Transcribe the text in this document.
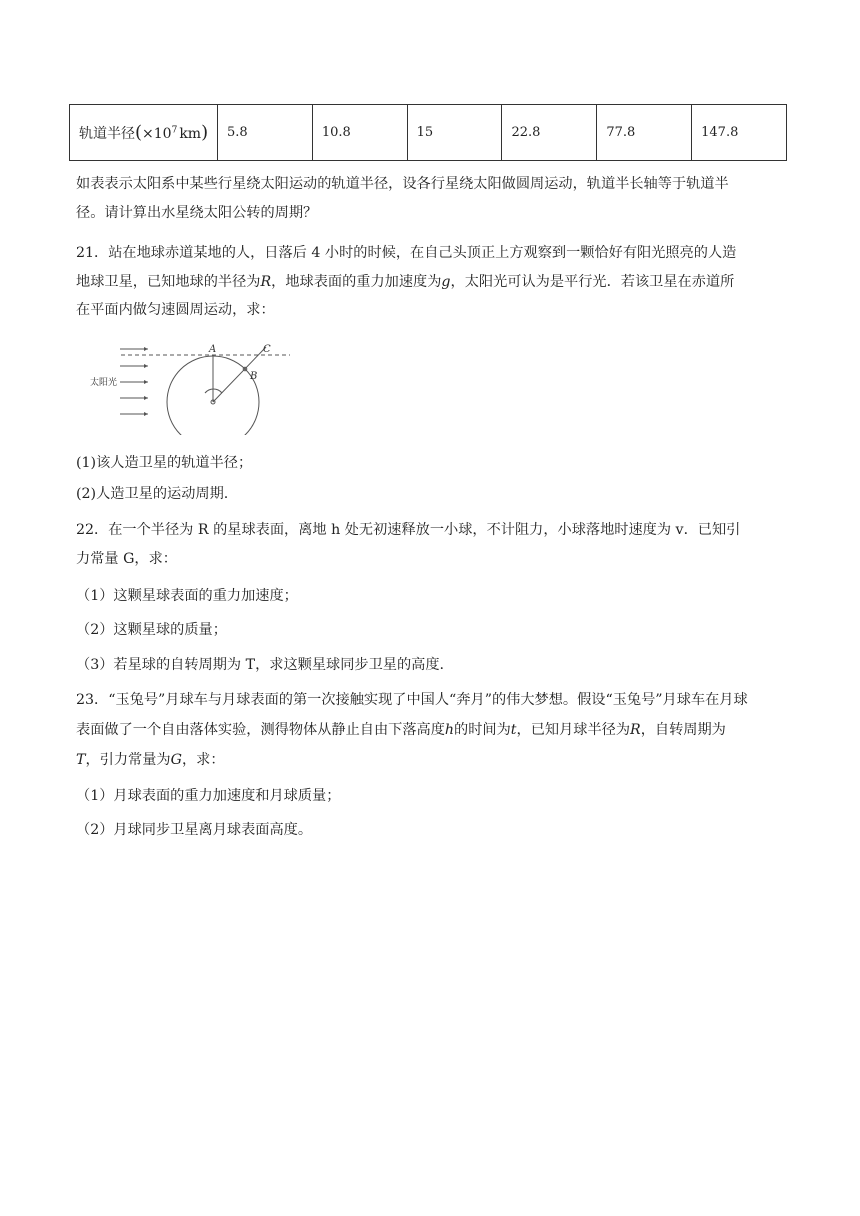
轨道半径($\times 10^7$ km)	5.8	10.8	15	22.8	77.8	147.8
如表表示太阳系中某些行星绕太阳运动的轨道半径，设各行星绕太阳做圆周运动，轨道半长轴等于轨道半
径。请计算出水星绕太阳公转的周期？
21．站在地球赤道某地的人，日落后 4 小时的时候，在自己头顶正上方观察到一颗恰好有阳光照亮的人造
地球卫星，已知地球的半径为R，地球表面的重力加速度为g，太阳光可认为是平行光．若该卫星在赤道所
在平面内做匀速圆周运动，求：
A
B
C
太阳光
(1)该人造卫星的轨道半径；
(2)人造卫星的运动周期.
22．在一个半径为 R 的星球表面，离地 h 处无初速释放一小球，不计阻力，小球落地时速度为 v．已知引
力常量 G，求：
（1）这颗星球表面的重力加速度；
（2）这颗星球的质量；
（3）若星球的自转周期为 T，求这颗星球同步卫星的高度.
23．“玉兔号”月球车与月球表面的第一次接触实现了中国人“奔月”的伟大梦想。假设“玉兔号”月球车在月球
表面做了一个自由落体实验，测得物体从静止自由下落高度h的时间为t，已知月球半径为R，自转周期为
T，引力常量为G，求：
（1）月球表面的重力加速度和月球质量；
（2）月球同步卫星离月球表面高度。
